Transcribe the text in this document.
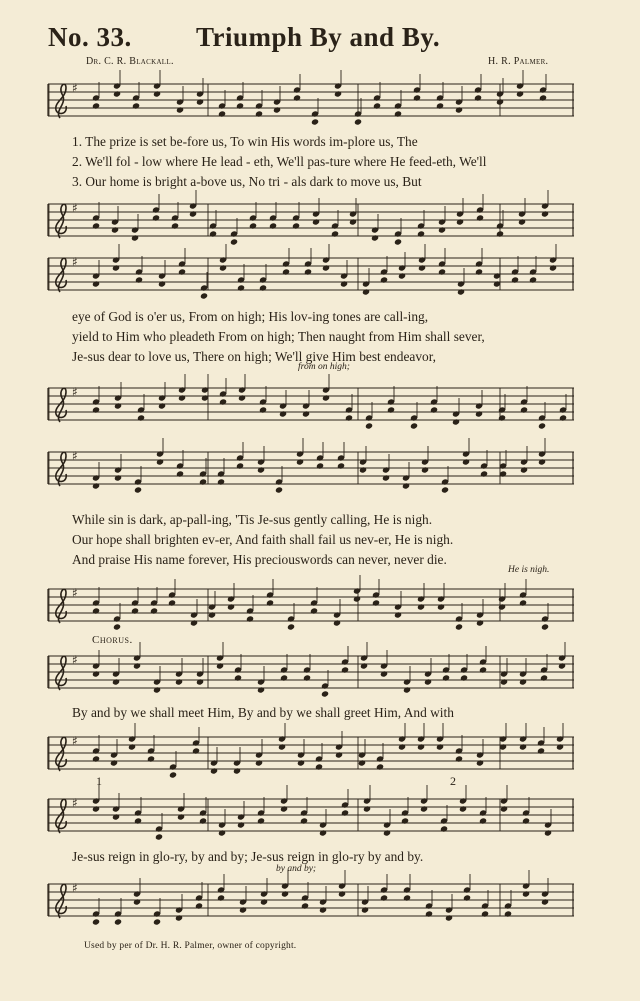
No. 33. Triumph By and By.
Dr. C. R. Blackall.	H. R. Palmer.
♯
1. The prize is set be-fore us, To win His words im-plore us, The
2. We'll fol - low where He lead - eth, We'll pas-ture where He feed-eth, We'll
3. Our home is bright a-bove us, No tri - als dark to move us, But
♯
♯
eye of God is o'er us, From on high; His lov-ing tones are call-ing,
yield to Him who pleadeth From on high; Then naught from Him shall sever,
Je-sus dear to love us, There on high; We'll give Him best endeavor,
from on high;
♯
♯
While sin is dark, ap-pall-ing, 'Tis Je-sus gently calling, He is nigh.
Our hope shall brighten ev-er, And faith shall fail us nev-er, He is nigh.
And praise His name forever, His preciouswords can never, never die.
He is nigh.
♯
Chorus.
♯
By and by we shall meet Him, By and by we shall greet Him, And with
♯
1	2
♯
Je-sus reign in glo-ry, by and by; Je-sus reign in glo-ry by and by.
by and by;
♯
Used by per of Dr. H. R. Palmer, owner of copyright.
